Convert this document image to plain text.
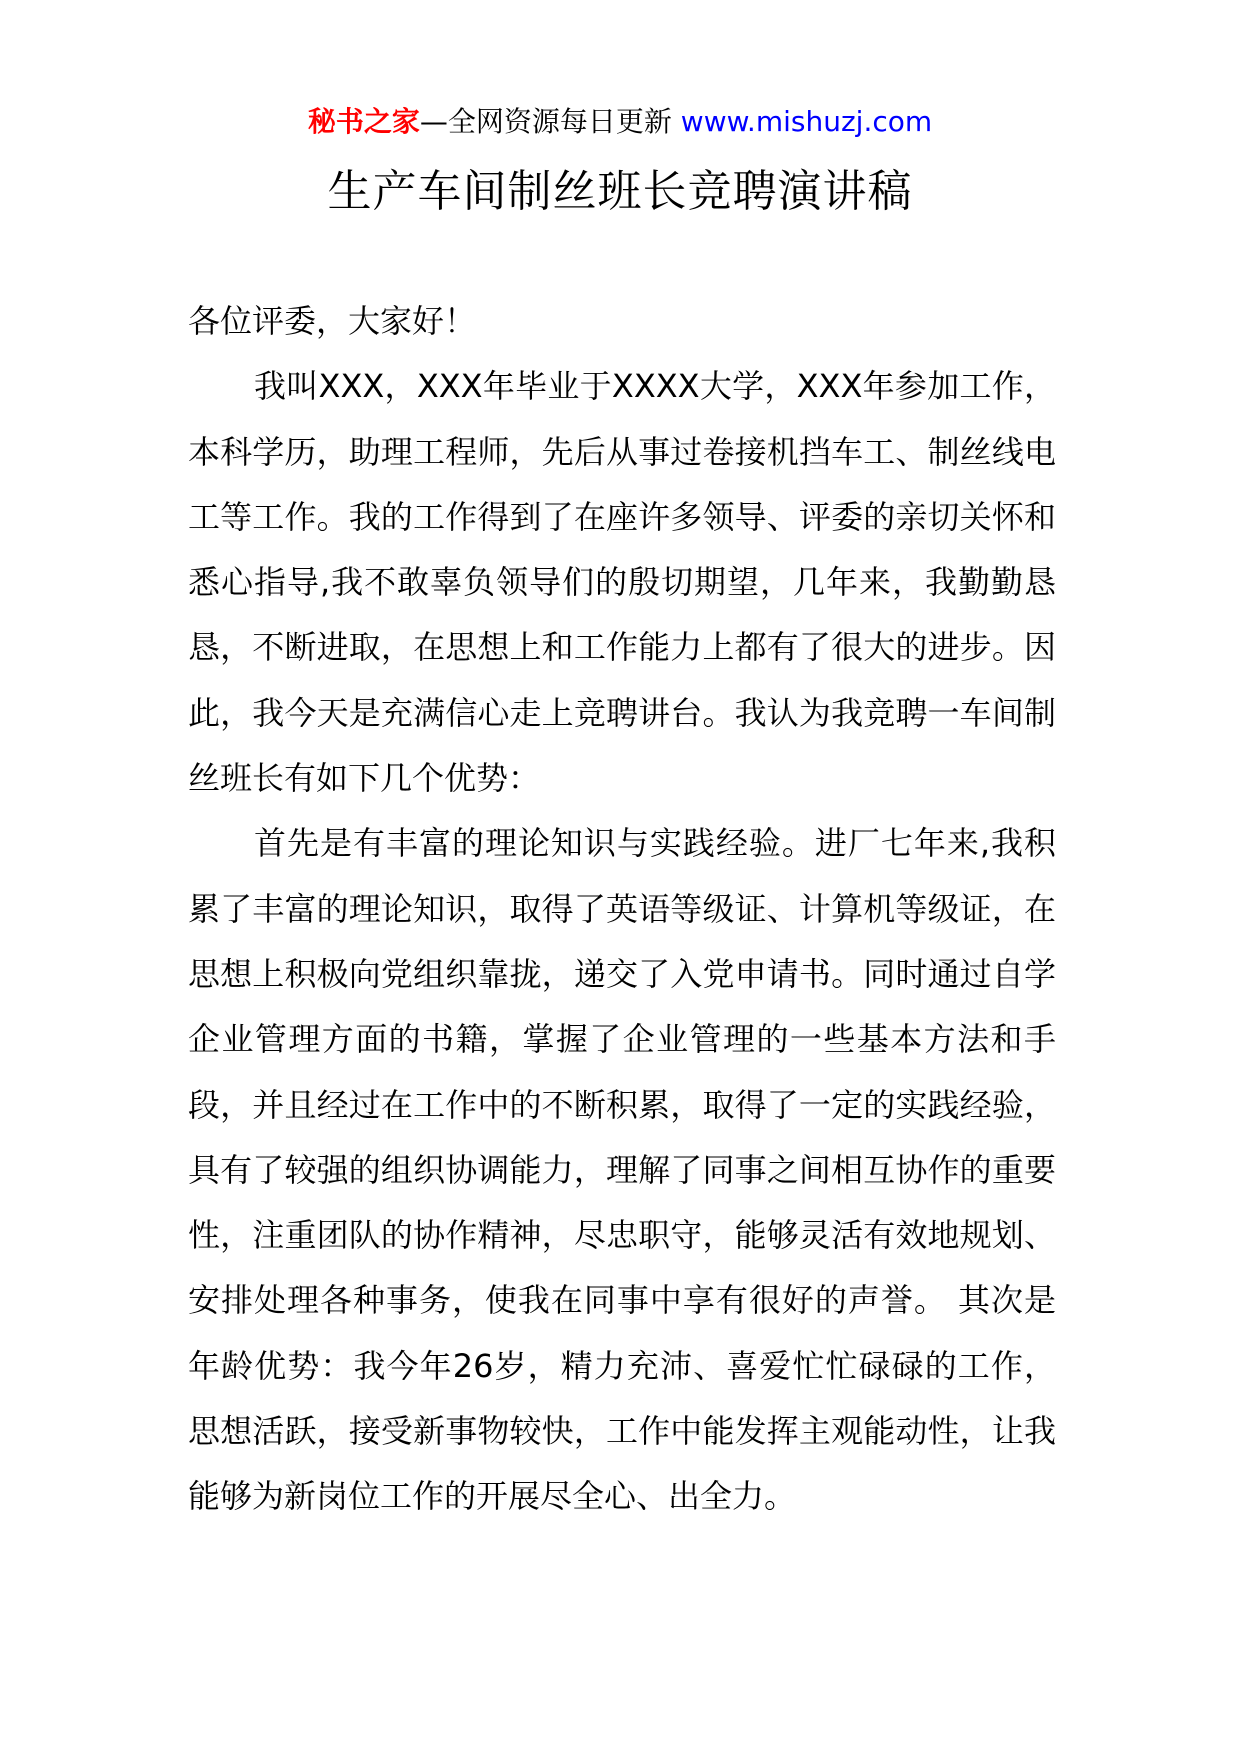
秘书之家—全网资源每日更新 www.mishuzj.com
生产车间制丝班长竞聘演讲稿

各位评委，大家好！

我叫XXX，XXX年毕业于XXXX大学，XXX年参加工作，本科学历，助理工程师，先后从事过卷接机挡车工、制丝线电工等工作。我的工作得到了在座许多领导、评委的亲切关怀和悉心指导,我不敢辜负领导们的殷切期望，几年来，我勤勤恳恳，不断进取，在思想上和工作能力上都有了很大的进步。因此，我今天是充满信心走上竞聘讲台。我认为我竞聘一车间制丝班长有如下几个优势：

首先是有丰富的理论知识与实践经验。进厂七年来,我积累了丰富的理论知识，取得了英语等级证、计算机等级证，在思想上积极向党组织靠拢，递交了入党申请书。同时通过自学企业管理方面的书籍，掌握了企业管理的一些基本方法和手段，并且经过在工作中的不断积累，取得了一定的实践经验，具有了较强的组织协调能力，理解了同事之间相互协作的重要性，注重团队的协作精神，尽忠职守，能够灵活有效地规划、安排处理各种事务，使我在同事中享有很好的声誉。 其次是年龄优势：我今年26岁，精力充沛、喜爱忙忙碌碌的工作，思想活跃，接受新事物较快，工作中能发挥主观能动性，让我能够为新岗位工作的开展尽全心、出全力。
